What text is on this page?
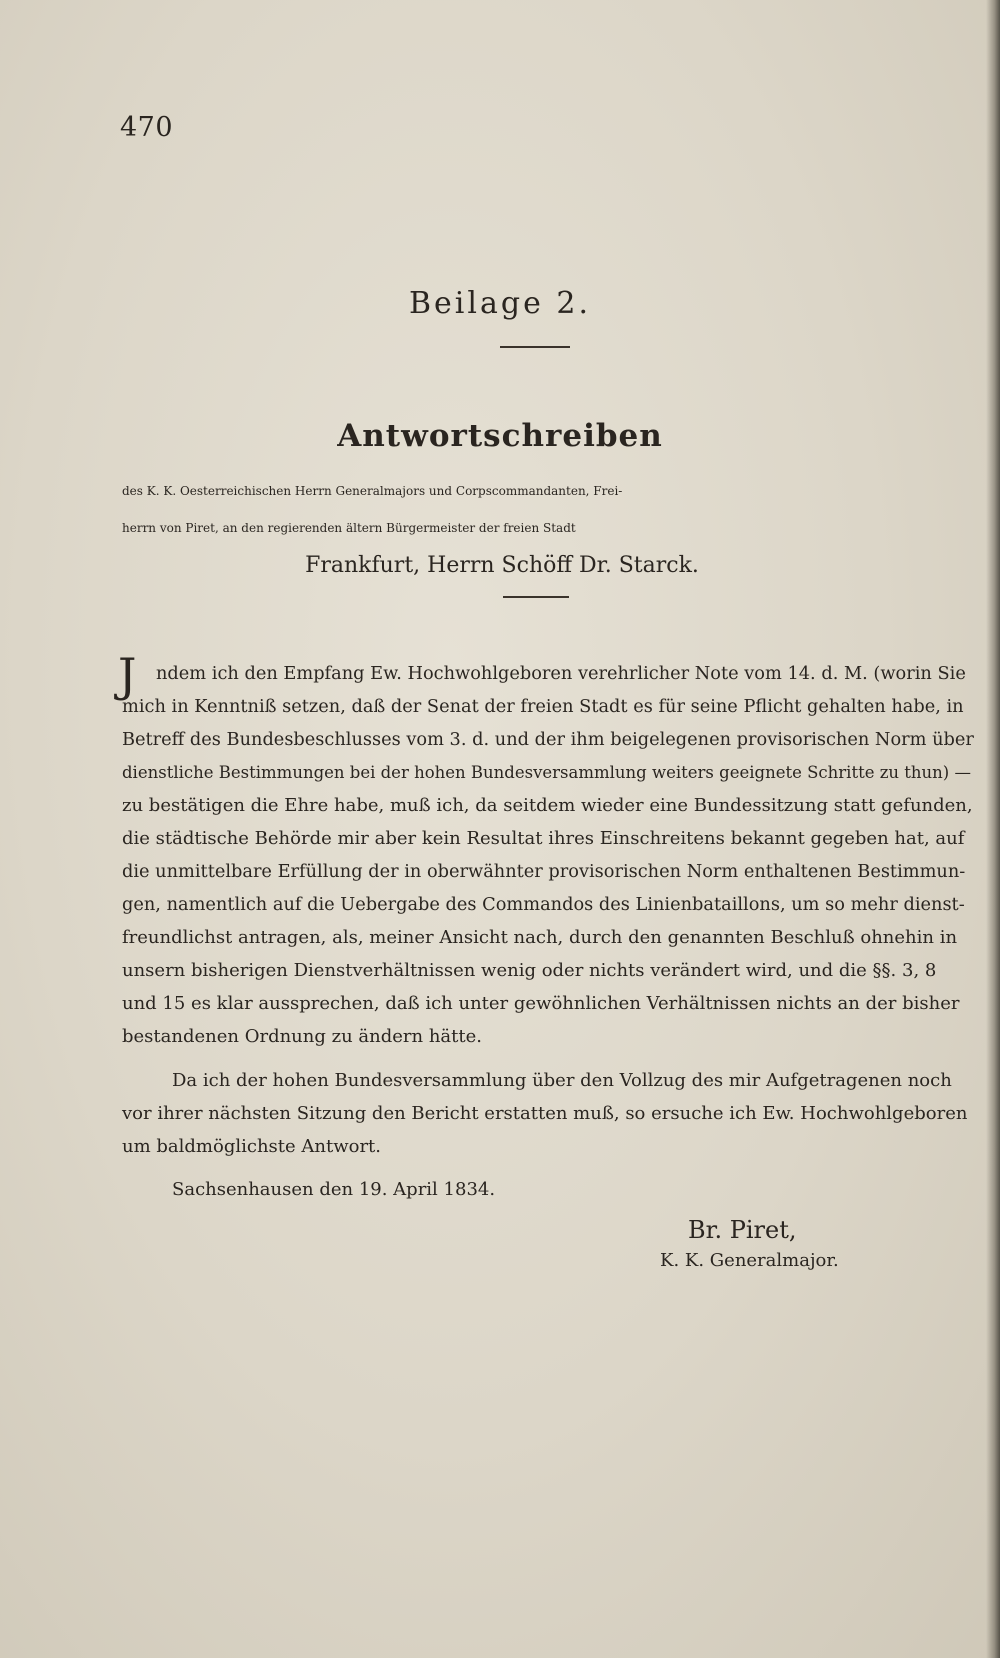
470
Beilage 2.
Antwortschreiben
des K. K. Oesterreichischen Herrn Generalmajors und Corpscommandanten, Frei-
herrn von Piret, an den regierenden ältern Bürgermeister der freien Stadt
Frankfurt, Herrn Schöff Dr. Starck.
J ndem ich den Empfang Ew. Hochwohlgeboren verehrlicher Note vom 14. d. M. (worin Sie
mich in Kenntniß setzen, daß der Senat der freien Stadt es für seine Pflicht gehalten habe, in
Betreff des Bundesbeschlusses vom 3. d. und der ihm beigelegenen provisorischen Norm über
dienstliche Bestimmungen bei der hohen Bundesversammlung weiters geeignete Schritte zu thun) —
zu bestätigen die Ehre habe, muß ich, da seitdem wieder eine Bundessitzung statt gefunden,
die städtische Behörde mir aber kein Resultat ihres Einschreitens bekannt gegeben hat, auf
die unmittelbare Erfüllung der in oberwähnter provisorischen Norm enthaltenen Bestimmun-
gen, namentlich auf die Uebergabe des Commandos des Linienbataillons, um so mehr dienst-
freundlichst antragen, als, meiner Ansicht nach, durch den genannten Beschluß ohnehin in
unsern bisherigen Dienstverhältnissen wenig oder nichts verändert wird, und die §§. 3, 8
und 15 es klar aussprechen, daß ich unter gewöhnlichen Verhältnissen nichts an der bisher
bestandenen Ordnung zu ändern hätte.
Da ich der hohen Bundesversammlung über den Vollzug des mir Aufgetragenen noch
vor ihrer nächsten Sitzung den Bericht erstatten muß, so ersuche ich Ew. Hochwohlgeboren
um baldmöglichste Antwort.
Sachsenhausen den 19. April 1834.
Br. Piret,
K. K. Generalmajor.
